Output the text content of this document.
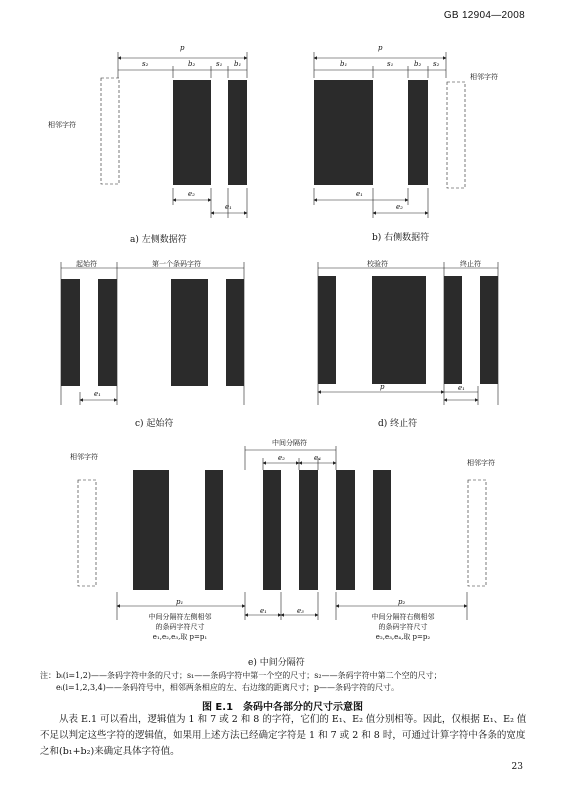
GB 12904—2008
p
s₂	b₂	s₁ b₁
e₂
e₁
相邻字符
a) 左侧数据符
p
b₁	s₁	b₂ s₂
e₁
e₂
相邻字符
b) 右侧数据符
起始符	第一个条码字符
e₁
c) 起始符
校验符	终止符
p	e₁
d) 终止符
中间分隔符
e₂	e₄
相邻字符
相邻字符
p₁	p₂
e₁	e₃
中间分隔符左侧相邻
的条码字符尺寸
e₁,e₂,e₃,取 p=p₁
中间分隔符右侧相邻
的条码字符尺寸
e₂,e₃,e₄,取 p=p₂
e) 中间分隔符
注：bᵢ(i=1,2)——条码字符中条的尺寸；s₁——条码字符中第一个空的尺寸；s₂——条码字符中第二个空的尺寸；
eᵢ(i=1,2,3,4)——条码符号中，相邻两条相应的左、右边缘的距离尺寸；p——条码字符的尺寸。
图 E.1　条码中各部分的尺寸示意图
从表 E.1 可以看出，逻辑值为 1 和 7 或 2 和 8 的字符，它们的 E₁、E₂ 值分别相等。因此，仅根据 E₁、E₂ 值不足以判定这些字符的逻辑值，如果用上述方法已经确定字符是 1 和 7 或 2 和 8 时，可通过计算字符中各条的宽度之和(b₁+b₂)来确定具体字符值。
23
